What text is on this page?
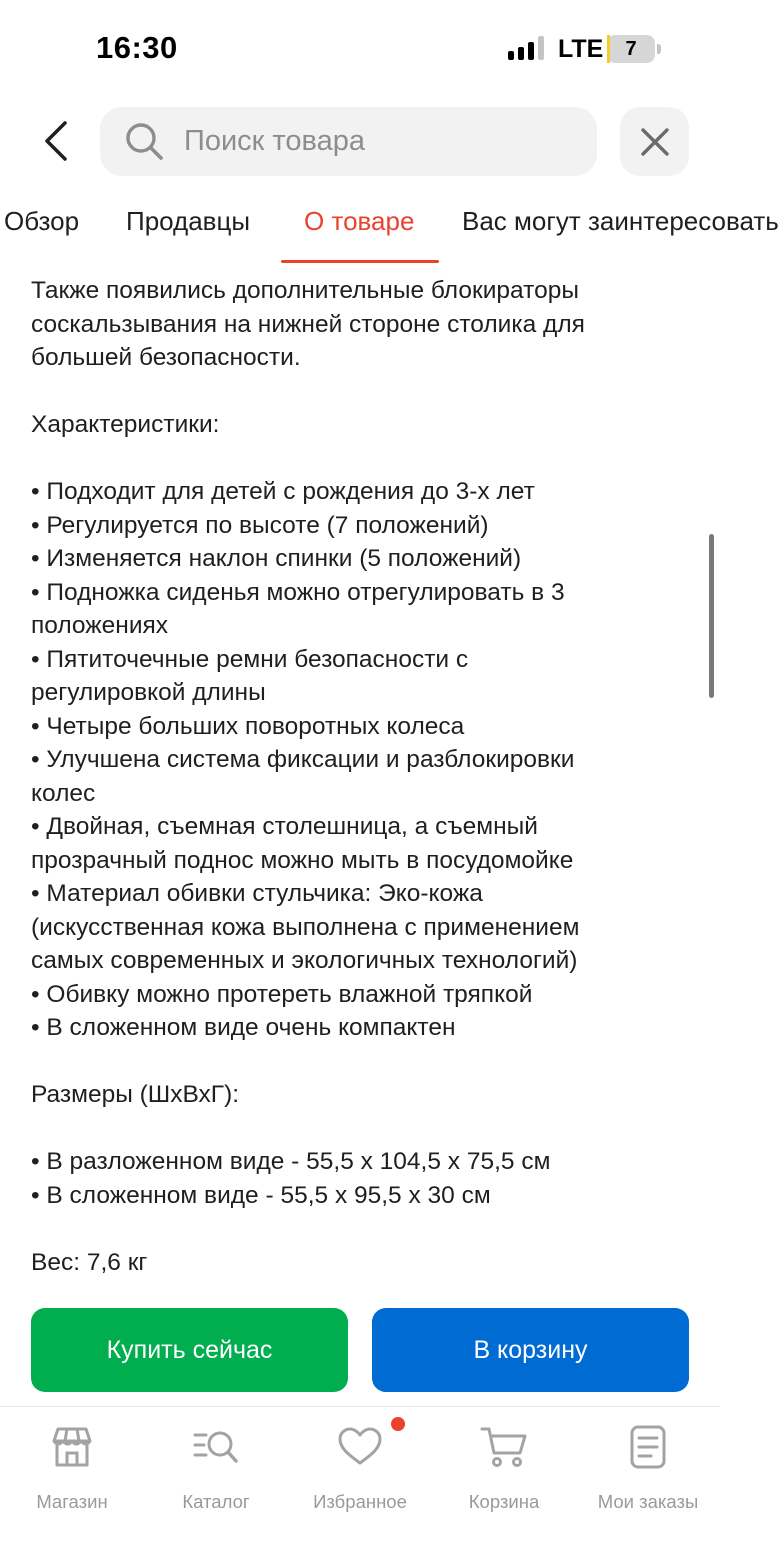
16:30	LTE	7
Поиск товара
Обзор Продавцы О товаре Вас могут заинтересовать

Также появились дополнительные блокираторы

соскальзывания на нижней стороне столика для

большей безопасности.

Характеристики:

• Подходит для детей с рождения до 3-х лет

• Регулируется по высоте (7 положений)

• Изменяется наклон спинки (5 положений)

• Подножка сиденья можно отрегулировать в 3

положениях

• Пятиточечные ремни безопасности с

регулировкой длины

• Четыре больших поворотных колеса

• Улучшена система фиксации и разблокировки

колес

• Двойная, съемная столешница, а съемный

прозрачный поднос можно мыть в посудомойке

• Материал обивки стульчика: Эко-кожа

(искусственная кожа выполнена с применением

самых современных и экологичных технологий)

• Обивку можно протереть влажной тряпкой

• В сложенном виде очень компактен

Размеры (ШхВхГ):

• В разложенном виде - 55,5 x 104,5 x 75,5 см

• В сложенном виде - 55,5 x 95,5 x 30 см

Вес: 7,6 кг

Купить сейчас	В корзину
Магазин	Каталог	Избранное	Корзина	Мои заказы
